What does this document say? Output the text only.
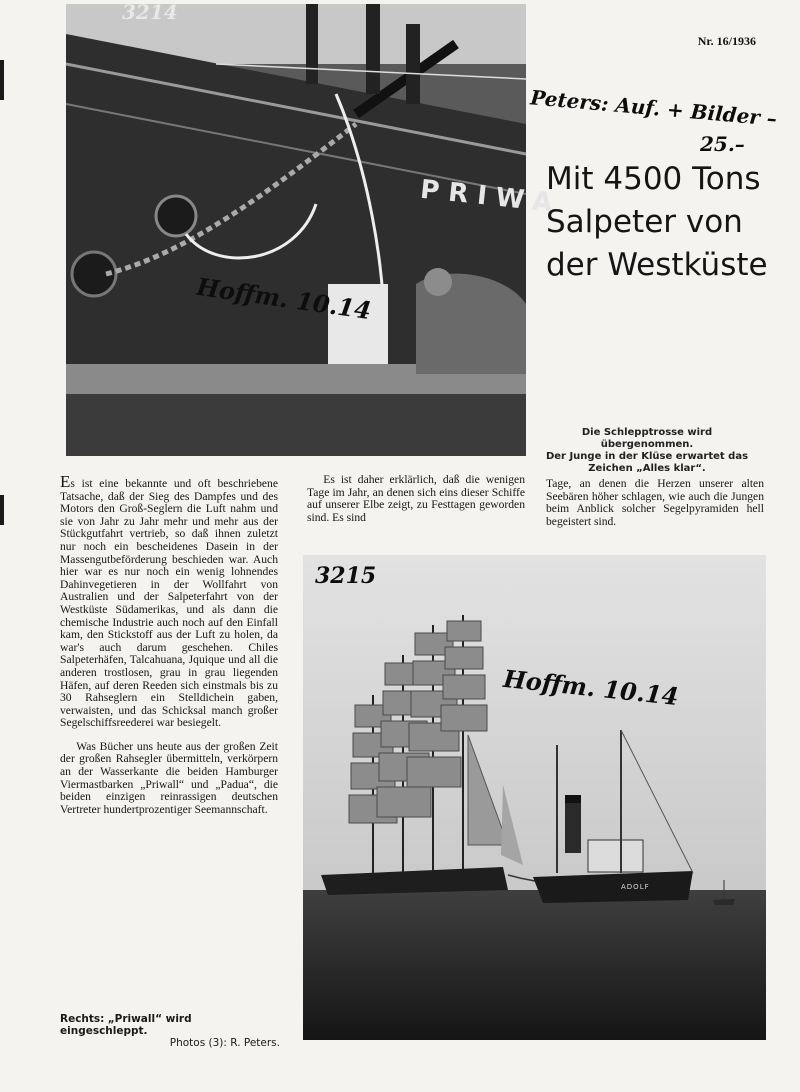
PRIWA
Nr. 16/1936
3214
Peters: Auf. + Bilder –
25.–
Hoffm. 10.14
Mit 4500 Tons
Salpeter von
der Westküste
Die Schlepptrosse wird übergenommen.
Der Junge in der Klüse erwartet das
Zeichen „Alles klar“.

Es ist eine bekannte und oft beschriebene Tatsache, daß der Sieg des Dampfes und des Motors den Groß-Seglern die Luft nahm und sie von Jahr zu Jahr mehr und mehr aus der Stückgutfahrt vertrieb, so daß ihnen zuletzt nur noch ein bescheidenes Dasein in der Massengutbeförderung beschieden war. Auch hier war es nur noch ein wenig lohnendes Dahinvegetieren in der Wollfahrt von Australien und der Salpeterfahrt von der Westküste Südamerikas, und als dann die chemische Industrie auch noch auf den Einfall kam, den Stickstoff aus der Luft zu holen, da war's auch darum geschehen. Chiles Salpeterhäfen, Talcahuana, Jquique und all die anderen trostlosen, grau in grau liegenden Häfen, auf deren Reeden sich einstmals bis zu 30 Rahseglern ein Stelldichein gaben, verwaisten, und das Schicksal manch großer Segelschiffsreederei war besiegelt.

Was Bücher uns heute aus der großen Zeit der großen Rahsegler übermitteln, verkörpern an der Wasserkante die beiden Hamburger Viermastbarken „Priwall“ und „Padua“, die beiden einzigen reinrassigen deutschen Vertreter hundertprozentiger Seemannschaft.

Es ist daher erklärlich, daß die wenigen Tage im Jahr, an denen sich eins dieser Schiffe auf unserer Elbe zeigt, zu Festtagen geworden sind. Es sind

Tage, an denen die Herzen unserer alten Seebären höher schlagen, wie auch die Jungen beim Anblick solcher Segelpyramiden hell begeistert sind.

ADOLF
3215
Hoffm. 10.14
Rechts: „Priwall“ wird eingeschleppt.
Photos (3): R. Peters.
